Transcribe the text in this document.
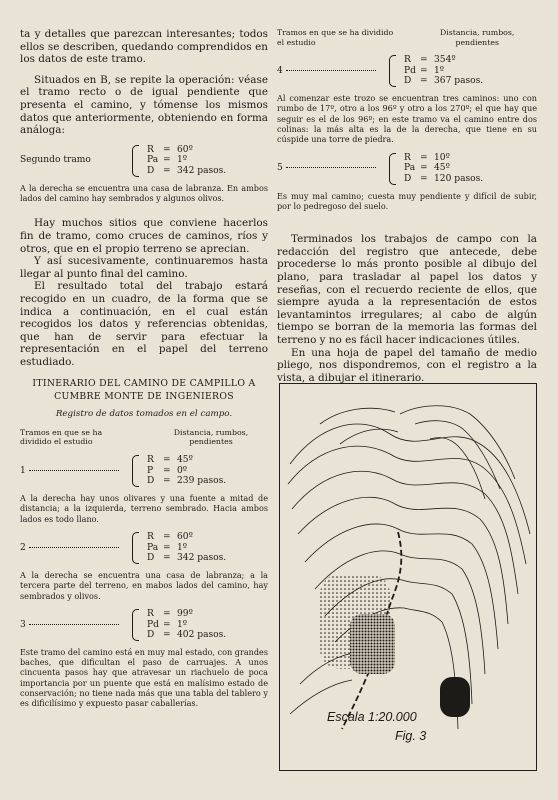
ta y detalles que parezcan interesantes; todos ellos se describen, quedando comprendidos en los datos de este tramo.

Situados en B, se repite la operación: véase el tramo recto o de igual pendiente que presenta el camino, y tómense los mismos datos que anteriormente, obteniendo en forma análoga:

Segundo tramo
R	= 60º
Pa = 1º
D = 342 pasos.

A la derecha se encuentra una casa de labranza. En ambos lados del camino hay sembrados y algunos olivos.

Hay muchos sitios que conviene hacerlos fin de tramo, como cruces de caminos, ríos y otros, que en el propio terreno se aprecian.

Y así sucesivamente, continuaremos hasta llegar al punto final del camino.

El resultado total del trabajo estará recogido en un cuadro, de la forma que se indica a continuación, en el cual están recogidos los datos y referencias obtenidas, que han de servir para efectuar la representación en el papel del terreno estudiado.

ITINERARIO DEL CAMINO DE CAMPILLO A
CUMBRE MONTE DE INGENIEROS
Registro de datos tomados en el campo.
Tramos en que se ha dividido el estudio
Distancia, rumbos, pendientes
1
R	= 45º
P	= 0º
D = 239 pasos.

A la derecha hay unos olivares y una fuente a mitad de distancia; a la izquierda, terreno sembrado. Hacia ambos lados es todo llano.

2
R	= 60º
Pa = 1º
D = 342 pasos.

A la derecha se encuentra una casa de labranza; a la tercera parte del terreno, en mabos lados del camino, hay sembrados y olivos.

3
R	= 99º
Pd = 1º
D = 402 pasos.

Este tramo del camino está en muy mal estado, con grandes baches, que dificultan el paso de carruajes. A unos cincuenta pasos hay que atravesar un riachuelo de poca importancia por un puente que está en malísimo estado de conservación; no tiene nada más que una tabla del tablero y es dificilísimo y expuesto pasar caballerías.

Tramos en que se ha dividido el estudio
Distancia, rumbos, pendientes
4
R	= 354º
Pd = 1º
D = 367 pasos.

Al comenzar este trozo se encuentran tres caminos: uno con rumbo de 17º, otro a los 96º y otro a los 270º; el que hay que seguir es el de los 96º; en este tramo va el camino entre dos colinas: la más alta es la de la derecha, que tiene en su cúspide una torre de piedra.

5
R	= 10º
Pa = 45º
D = 120 pasos.

Es muy mal camino; cuesta muy pendiente y difícil de subir, por lo pedregoso del suelo.

Terminados los trabajos de campo con la redacción del registro que antecede, debe procederse lo más pronto posible al dibujo del plano, para trasladar al papel los datos y reseñas, con el recuerdo reciente de ellos, que siempre ayuda a la representación de estos levantamintos irregulares; al cabo de algún tiempo se borran de la memoria las formas del terreno y no es fácil hacer indicaciones útiles.

En una hoja de papel del tamaño de medio pliego, nos dispondremos, con el registro a la vista, a dibujar el itinerario.

Escala 1:20.000
Fig. 3
